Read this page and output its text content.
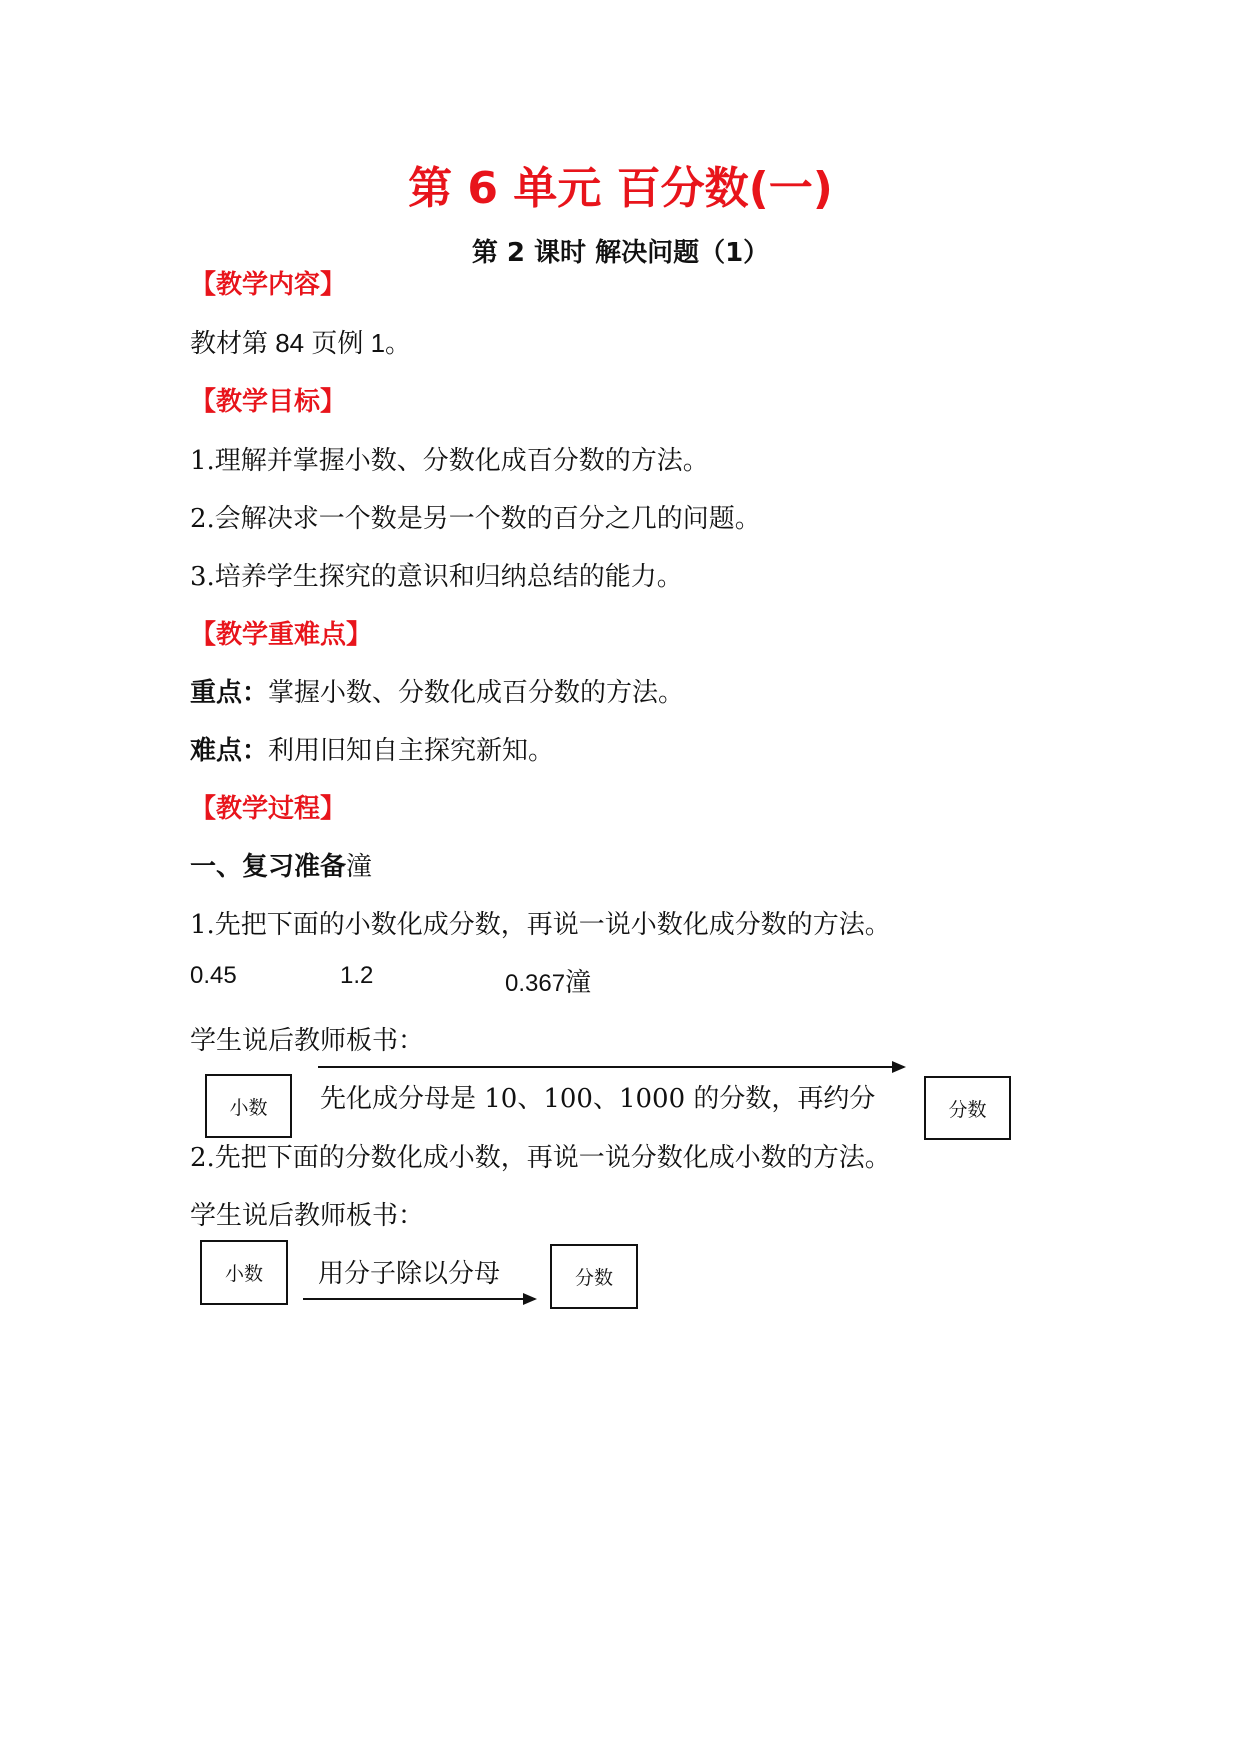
第 6 单元 百分数(一)
第 2 课时 解决问题（1）
【教学内容】
教材第 84 页例 1。
【教学目标】
1.理解并掌握小数、分数化成百分数的方法。
2.会解决求一个数是另一个数的百分之几的问题。
3.培养学生探究的意识和归纳总结的能力。
【教学重难点】
重点：掌握小数、分数化成百分数的方法。
难点：利用旧知自主探究新知。
【教学过程】
一、复习准备潼
1.先把下面的小数化成分数，再说一说小数化成分数的方法。
0.45	1.2	0.367潼
学生说后教师板书：
小数	先化成分母是 10、100、1000 的分数，再约分	分数
2.先把下面的分数化成小数，再说一说分数化成小数的方法。
学生说后教师板书：
小数	用分子除以分母	分数
